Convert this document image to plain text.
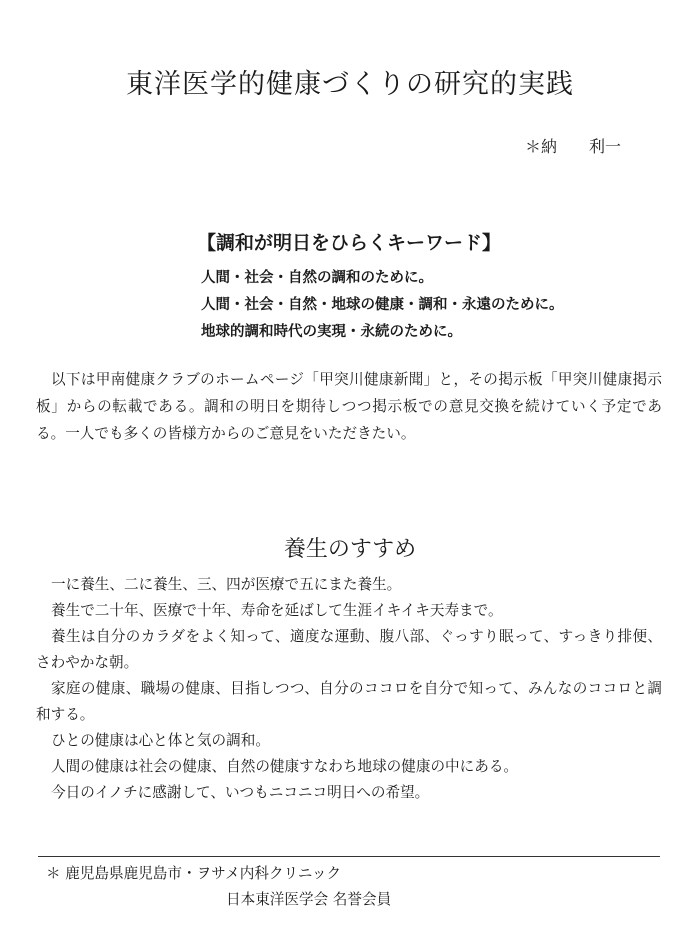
東洋医学的健康づくりの研究的実践
＊納　　利一
【調和が明日をひらくキーワード】
人間・社会・自然の調和のために。
人間・社会・自然・地球の健康・調和・永遠のために。
地球的調和時代の実現・永続のために。

以下は甲南健康クラブのホームページ「甲突川健康新聞」と，その掲示板「甲突川健康掲示板」からの転載である。調和の明日を期待しつつ掲示板での意見交換を続けていく予定である。一人でも多くの皆様方からのご意見をいただきたい。

養生のすすめ

一に養生、二に養生、三、四が医療で五にまた養生。

養生で二十年、医療で十年、寿命を延ばして生涯イキイキ天寿まで。

養生は自分のカラダをよく知って、適度な運動、腹八部、ぐっすり眠って、すっきり排便、さわやかな朝。

家庭の健康、職場の健康、目指しつつ、自分のココロを自分で知って、みんなのココロと調和する。

ひとの健康は心と体と気の調和。

人間の健康は社会の健康、自然の健康すなわち地球の健康の中にある。

今日のイノチに感謝して、いつもニコニコ明日への希望。

＊ 鹿児島県鹿児島市・ヲサメ内科クリニック
日本東洋医学会 名誉会員
